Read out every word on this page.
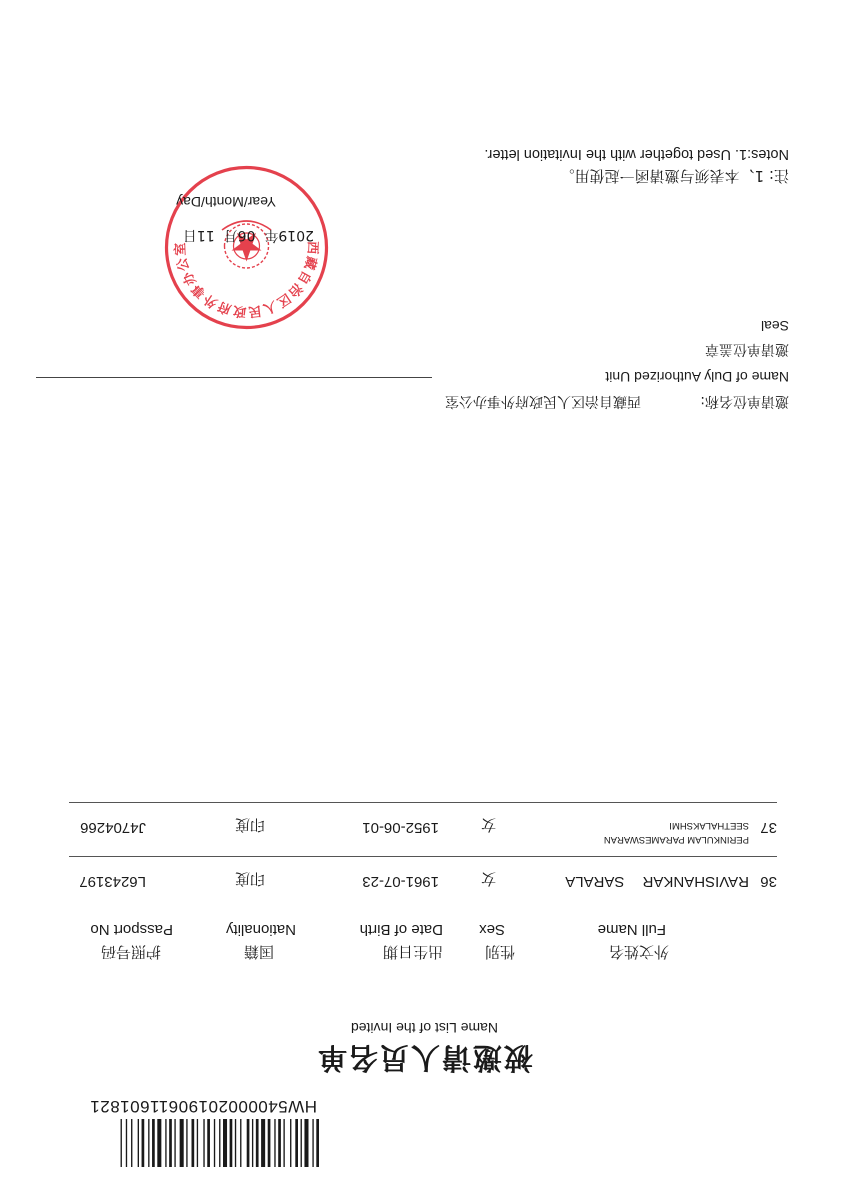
HW540000201906116018​21
被邀请人员名单
Name List of the Invited
外文姓名
Full Name
性别
Sex
出生日期
Date of Birth
国籍
Nationality
护照号码
Passport No
36
RAVISHANKAR SARALA
女
1961-07-23
印度
L6243197
37
PERINKULAM PARAMESWARAN
SEETHALAKSHMI
女
1952-06-01
印度
J4704266
邀请单位名称:
西藏自治区人民政府外事办公室
Name of Duly Authorized Unit
邀请单位盖章
Seal
西藏自治区人民政府外事办公室
2019年  06月  11日
Year/Month/Day
注: 1、本表须与邀请函一起使用。
Notes:1. Used together with the Invitation letter.
